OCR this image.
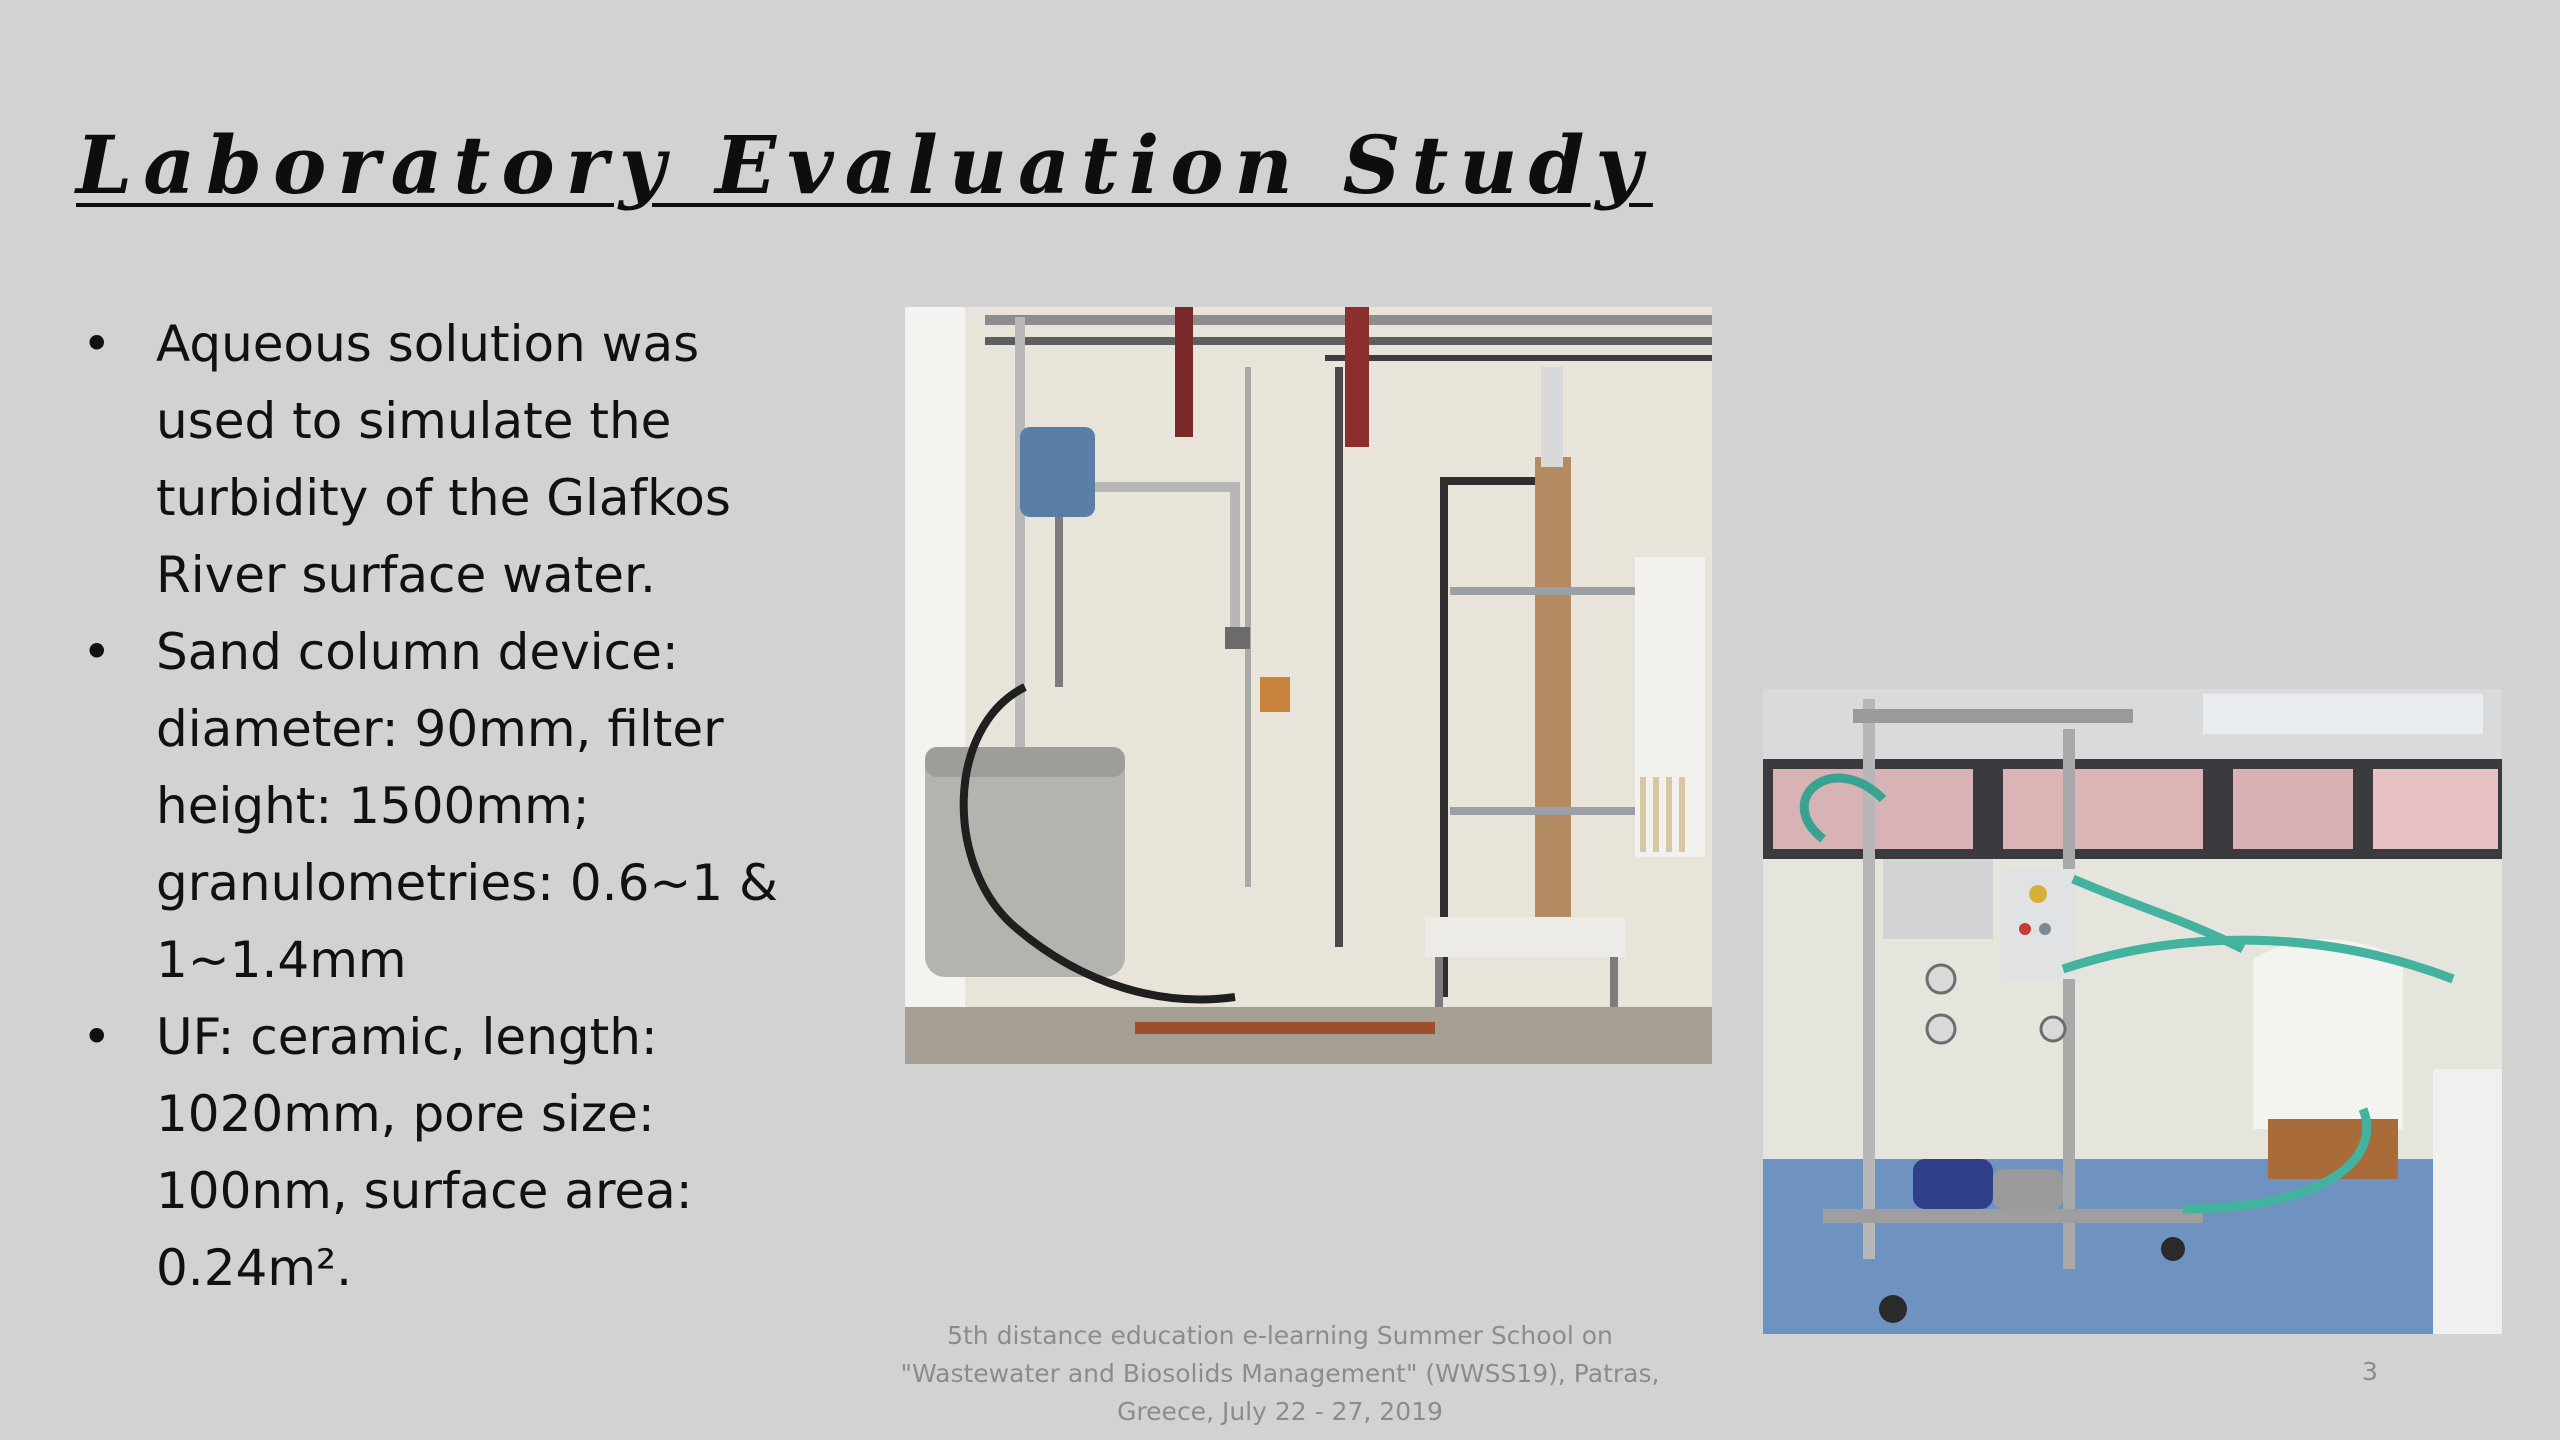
Laboratory Evaluation Study
• Aqueous solution was
used to simulate the
turbidity of the Glafkos
River surface water.
• Sand column device:
diameter: 90mm, filter
height: 1500mm;
granulometries: 0.6~1 &
1~1.4mm
• UF: ceramic, length:
1020mm, pore size:
100nm, surface area:
0.24m².
5th distance education e-learning Summer School on
"Wastewater and Biosolids Management" (WWSS19), Patras,
Greece, July 22 - 27, 2019
3
